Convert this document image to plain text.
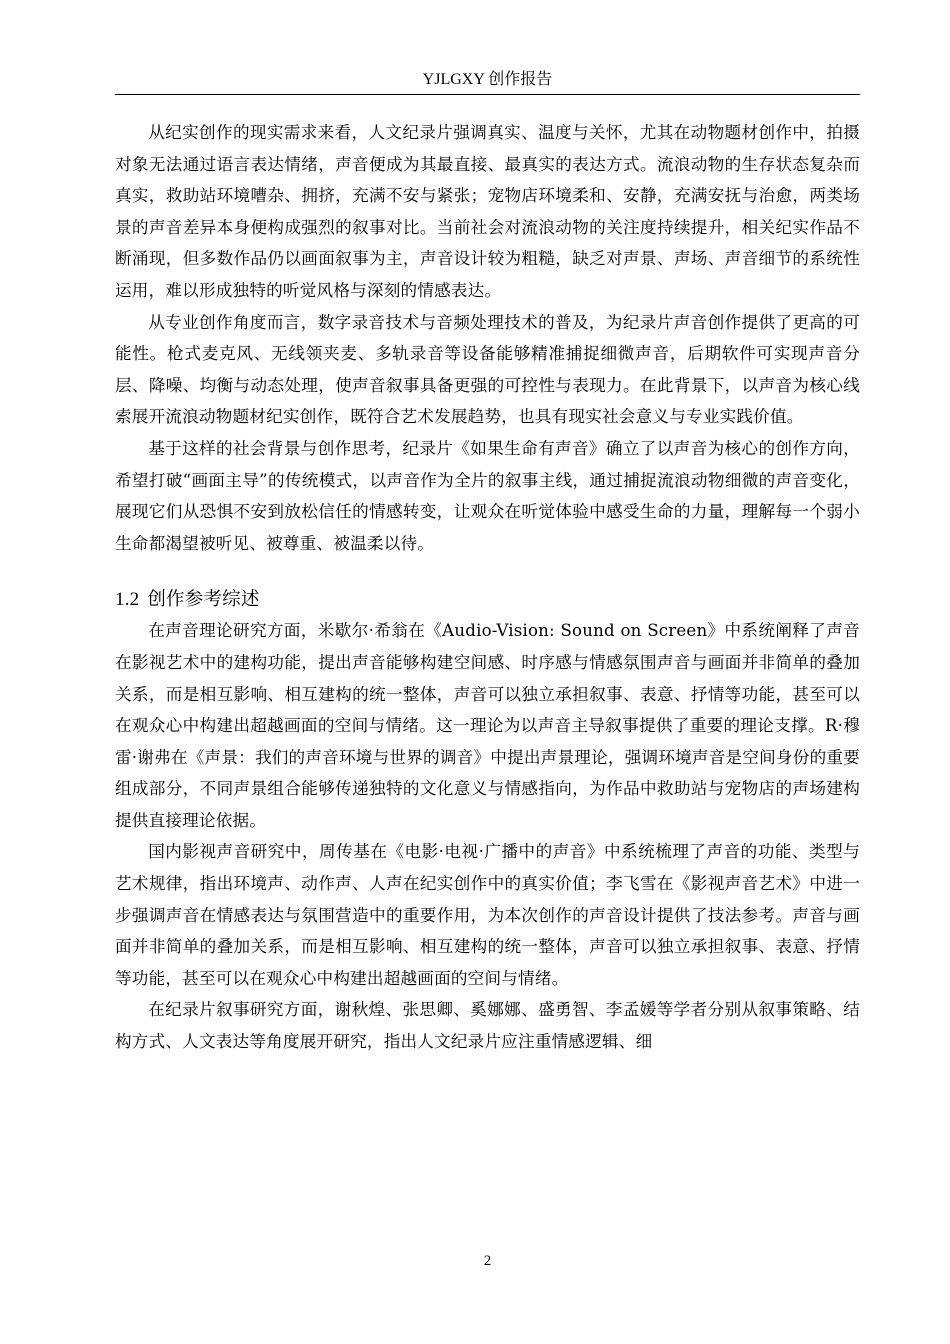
YJLGXY 创作报告

从纪实创作的现实需求来看，人文纪录片强调真实、温度与关怀，尤其在动物题材创作中，拍摄对象无法通过语言表达情绪，声音便成为其最直接、最真实的表达方式。流浪动物的生存状态复杂而真实，救助站环境嘈杂、拥挤，充满不安与紧张；宠物店环境柔和、安静，充满安抚与治愈，两类场景的声音差异本身便构成强烈的叙事对比。当前社会对流浪动物的关注度持续提升，相关纪实作品不断涌现，但多数作品仍以画面叙事为主，声音设计较为粗糙，缺乏对声景、声场、声音细节的系统性运用，难以形成独特的听觉风格与深刻的情感表达。

从专业创作角度而言，数字录音技术与音频处理技术的普及，为纪录片声音创作提供了更高的可能性。枪式麦克风、无线领夹麦、多轨录音等设备能够精准捕捉细微声音，后期软件可实现声音分层、降噪、均衡与动态处理，使声音叙事具备更强的可控性与表现力。在此背景下，以声音为核心线索展开流浪动物题材纪实创作，既符合艺术发展趋势，也具有现实社会意义与专业实践价值。

基于这样的社会背景与创作思考，纪录片《如果生命有声音》确立了以声音为核心的创作方向，希望打破“画面主导”的传统模式，以声音作为全片的叙事主线，通过捕捉流浪动物细微的声音变化，展现它们从恐惧不安到放松信任的情感转变，让观众在听觉体验中感受生命的力量，理解每一个弱小生命都渴望被听见、被尊重、被温柔以待。

1.2 创作参考综述

在声音理论研究方面，米歇尔·希翁在《Audio-Vision: Sound on Screen》中系统阐释了声音在影视艺术中的建构功能，提出声音能够构建空间感、时序感与情感氛围声音与画面并非简单的叠加关系，而是相互影响、相互建构的统一整体，声音可以独立承担叙事、表意、抒情等功能，甚至可以在观众心中构建出超越画面的空间与情绪。这一理论为以声音主导叙事提供了重要的理论支撑。R·穆雷·谢弗在《声景：我们的声音环境与世界的调音》中提出声景理论，强调环境声音是空间身份的重要组成部分，不同声景组合能够传递独特的文化意义与情感指向，为作品中救助站与宠物店的声场建构提供直接理论依据。

国内影视声音研究中，周传基在《电影·电视·广播中的声音》中系统梳理了声音的功能、类型与艺术规律，指出环境声、动作声、人声在纪实创作中的真实价值；李飞雪在《影视声音艺术》中进一步强调声音在情感表达与氛围营造中的重要作用，为本次创作的声音设计提供了技法参考。声音与画面并非简单的叠加关系，而是相互影响、相互建构的统一整体，声音可以独立承担叙事、表意、抒情等功能，甚至可以在观众心中构建出超越画面的空间与情绪。

在纪录片叙事研究方面，谢秋煌、张思卿、奚娜娜、盛勇智、李孟媛等学者分别从叙事策略、结构方式、人文表达等角度展开研究，指出人文纪录片应注重情感逻辑、细

2
